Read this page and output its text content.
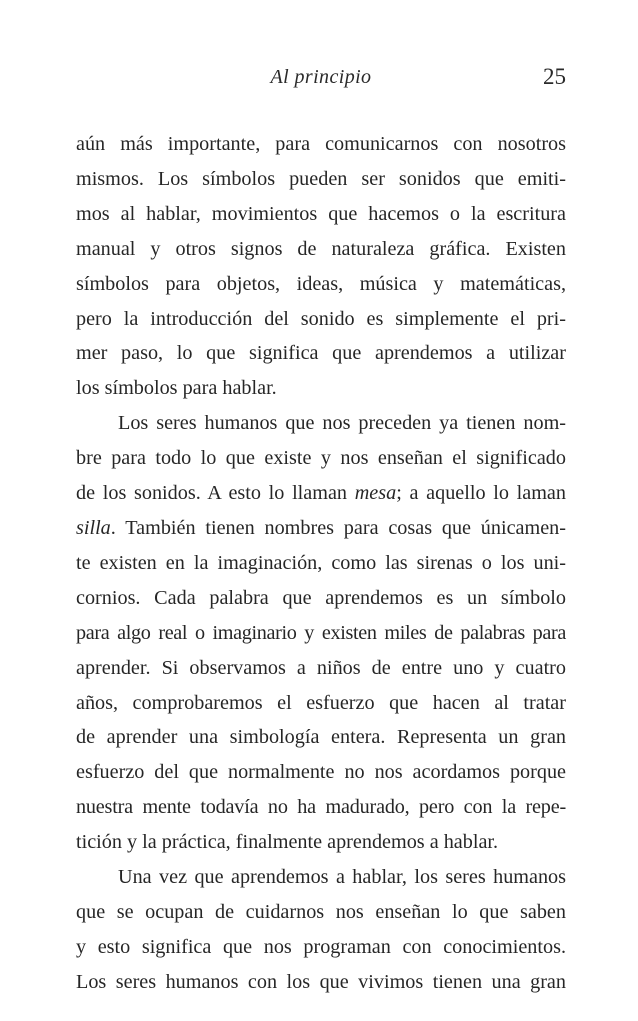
Al principio	25

aún más importante, para comunicarnos con nosotros
mismos. Los símbolos pueden ser sonidos que emiti-
mos al hablar, movimientos que hacemos o la escritura
manual y otros signos de naturaleza gráfica. Existen
símbolos para objetos, ideas, música y matemáticas,
pero la introducción del sonido es simplemente el pri-
mer paso, lo que significa que aprendemos a utilizar
los símbolos para hablar.

Los seres humanos que nos preceden ya tienen nom-
bre para todo lo que existe y nos enseñan el significado
de los sonidos. A esto lo llaman mesa; a aquello lo laman
silla. También tienen nombres para cosas que únicamen-
te existen en la imaginación, como las sirenas o los uni-
cornios. Cada palabra que aprendemos es un símbolo
para algo real o imaginario y existen miles de palabras para
aprender. Si observamos a niños de entre uno y cuatro
años, comprobaremos el esfuerzo que hacen al tratar
de aprender una simbología entera. Representa un gran
esfuerzo del que normalmente no nos acordamos porque
nuestra mente todavía no ha madurado, pero con la repe-
tición y la práctica, finalmente aprendemos a hablar.

Una vez que aprendemos a hablar, los seres humanos
que se ocupan de cuidarnos nos enseñan lo que saben
y esto significa que nos programan con conocimientos.
Los seres humanos con los que vivimos tienen una gran
